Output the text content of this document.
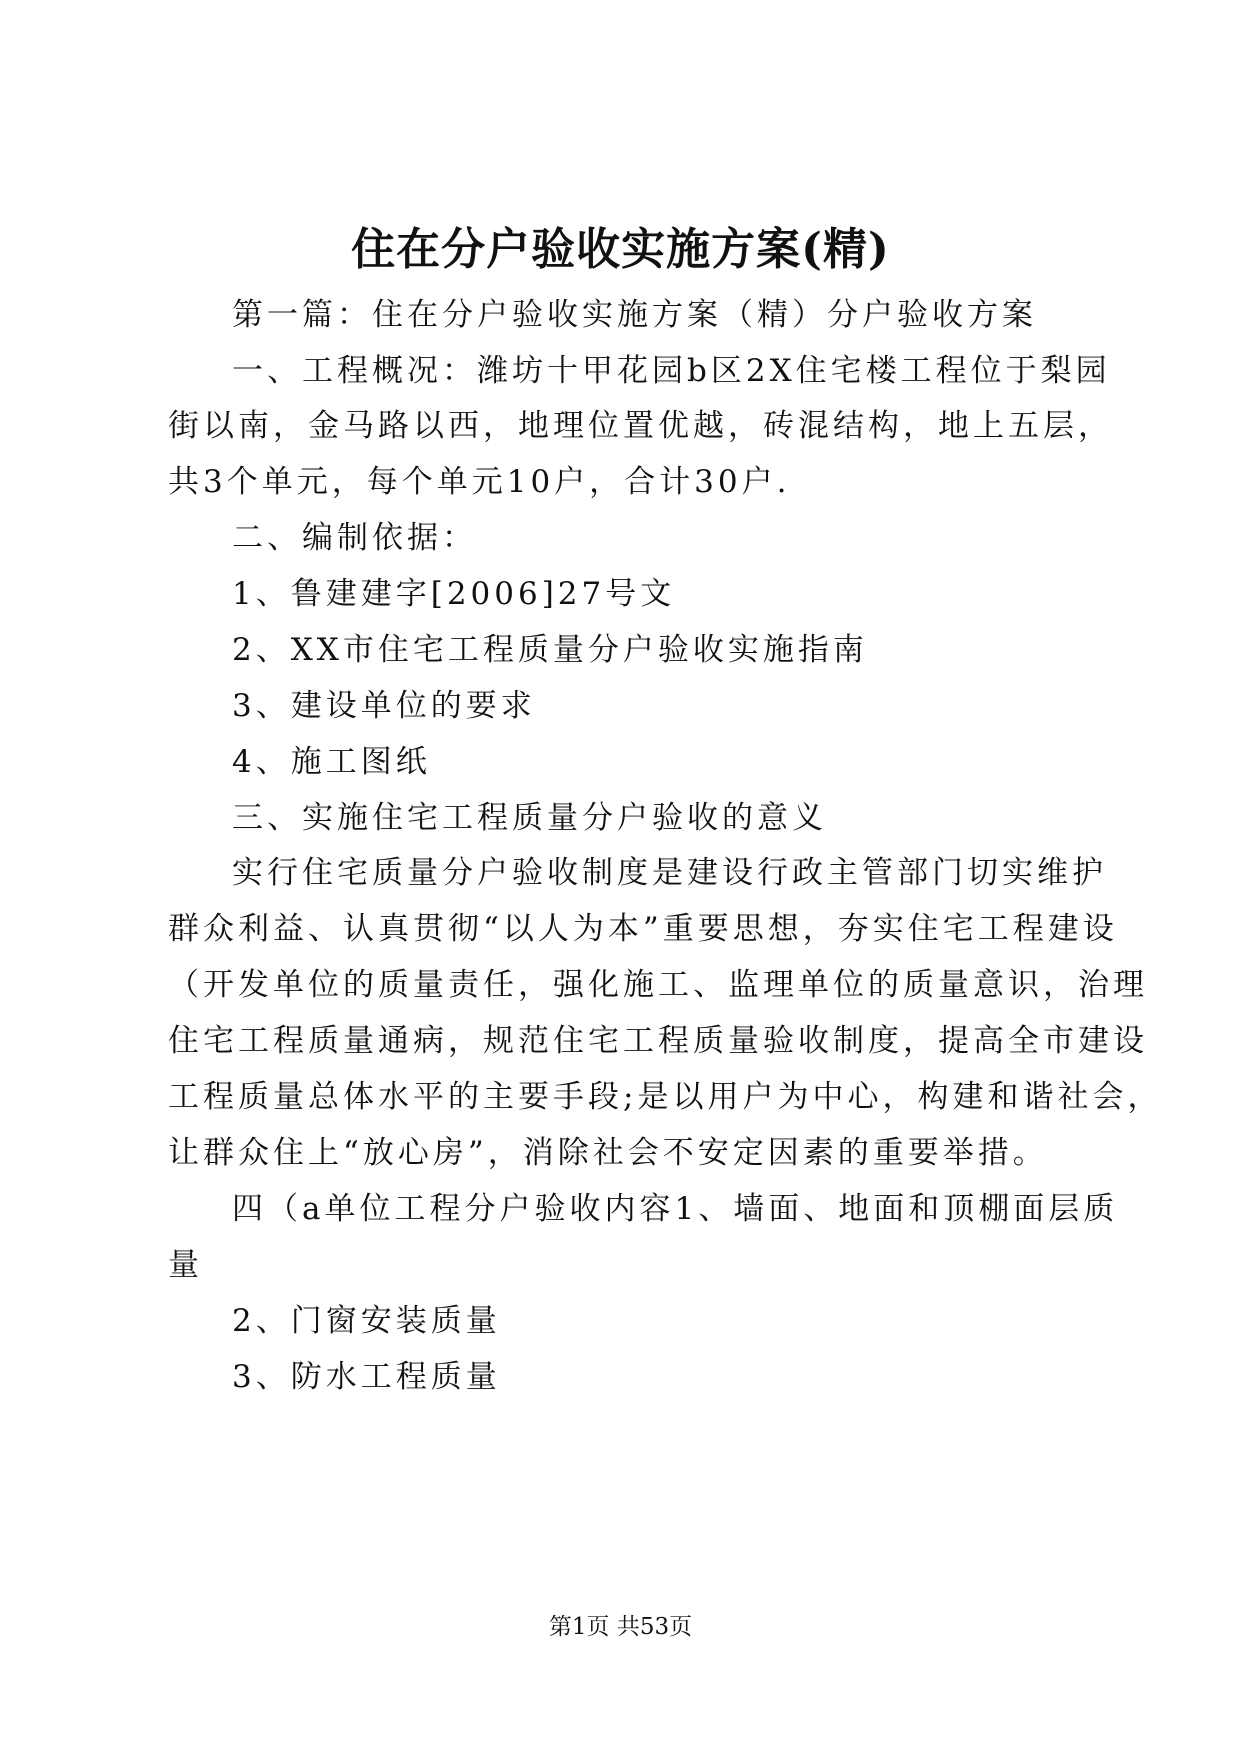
住在分户验收实施方案(精)
第一篇：住在分户验收实施方案（精）分户验收方案
一、工程概况：潍坊十甲花园b区2X住宅楼工程位于梨园
街以南，金马路以西，地理位置优越，砖混结构，地上五层，
共3个单元，每个单元10户，合计30户.
二、编制依据：
1、鲁建建字[2006]27号文
2、XX市住宅工程质量分户验收实施指南
3、建设单位的要求
4、施工图纸
三、实施住宅工程质量分户验收的意义
实行住宅质量分户验收制度是建设行政主管部门切实维护
群众利益、认真贯彻“以人为本”重要思想，夯实住宅工程建设
（开发单位的质量责任，强化施工、监理单位的质量意识，治理
住宅工程质量通病，规范住宅工程质量验收制度，提高全市建设
工程质量总体水平的主要手段;是以用户为中心，构建和谐社会，
让群众住上“放心房”，消除社会不安定因素的重要举措。
四（a单位工程分户验收内容1、墙面、地面和顶棚面层质
量
2、门窗安装质量
3、防水工程质量
第1页 共53页
